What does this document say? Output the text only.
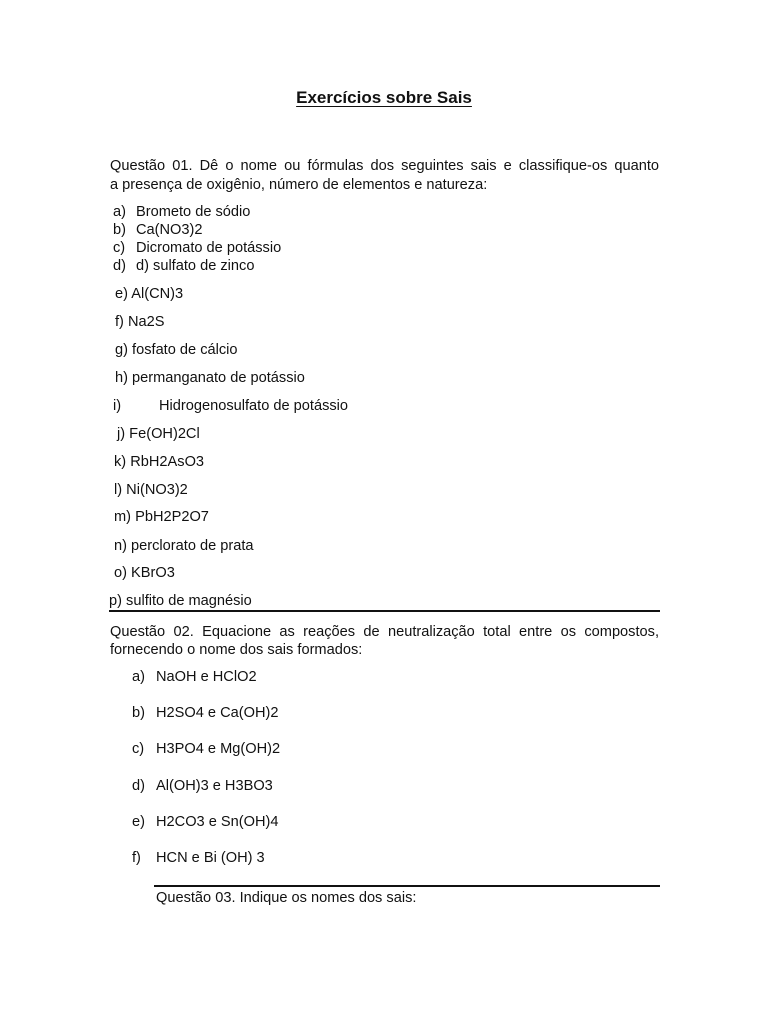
Exercícios sobre Sais
Questão 01. Dê o nome ou fórmulas dos seguintes sais e classifique-os quanto
a presença de oxigênio, número de elementos e natureza:
a) Brometo de sódio
b) Ca(NO3)2
c) Dicromato de potássio
d) d) sulfato de zinco
e) Al(CN)3
f) Na2S
g) fosfato de cálcio
h) permanganato de potássio
i)	Hidrogenosulfato de potássio
j) Fe(OH)2Cl
k) RbH2AsO3
l) Ni(NO3)2
m) PbH2P2O7
n) perclorato de prata
o) KBrO3
p) sulfito de magnésio
Questão 02. Equacione as reações de neutralização total entre os compostos,
fornecendo o nome dos sais formados:
a) NaOH e HClO2
b) H2SO4 e Ca(OH)2
c) H3PO4 e Mg(OH)2
d) Al(OH)3 e H3BO3
e) H2CO3 e Sn(OH)4
f) HCN e Bi (OH) 3
Questão 03. Indique os nomes dos sais:
